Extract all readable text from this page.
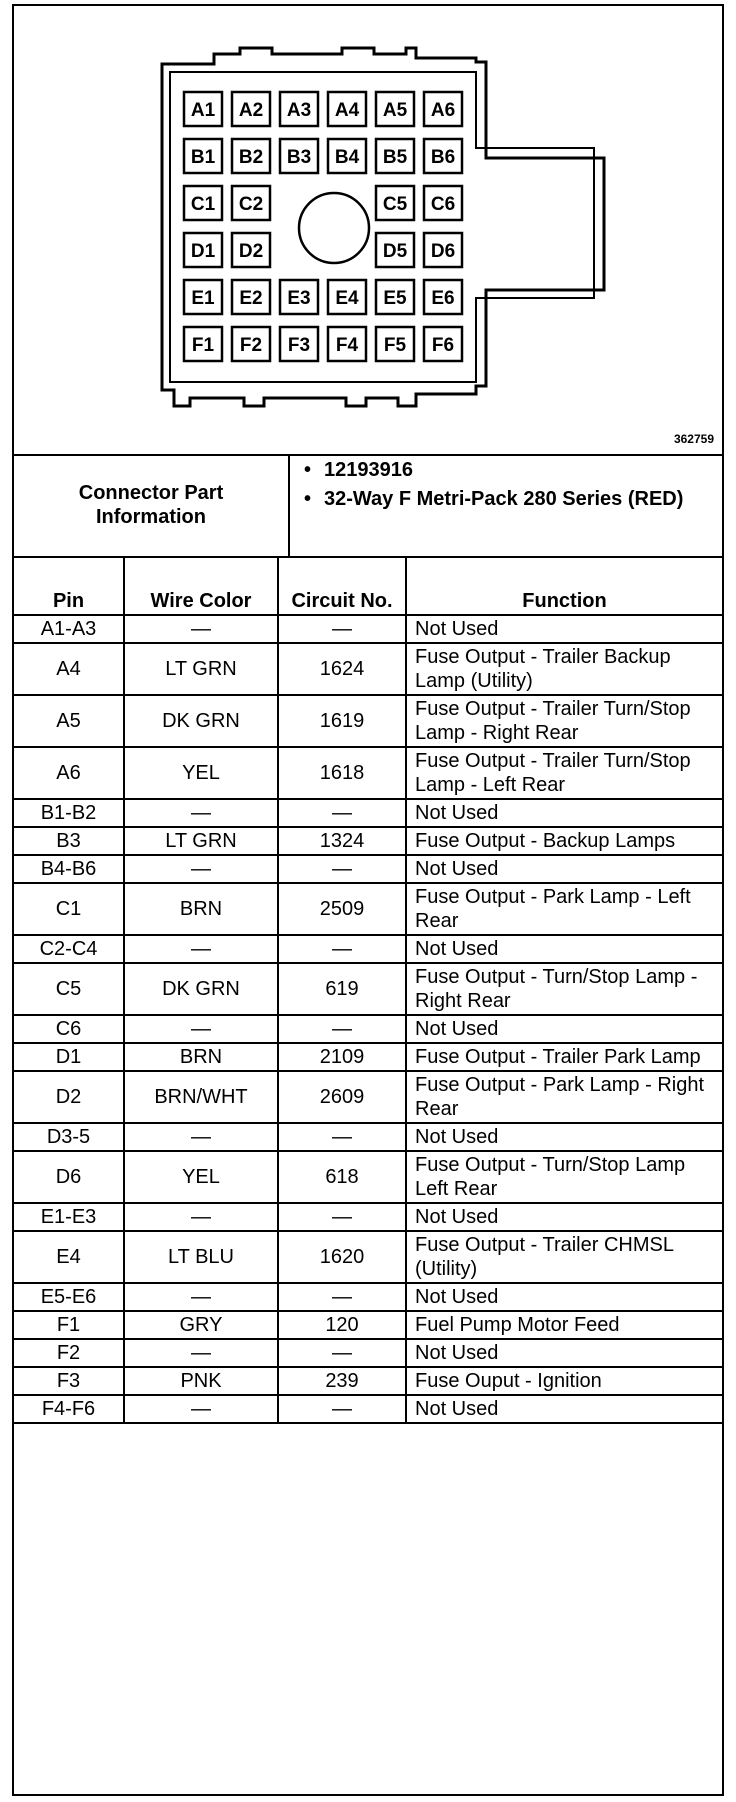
A1 A2 A3 A4 A5 A6
B1 B2 B3 B4 B5 B6
C1 C2	C5 C6
D1 D2	D5 D6
E1 E2 E3 E4 E5 E6
F1 F2 F3 F4 F5 F6
362759
Connector Part Information
• 12193916
• 32-Way F Metri-Pack 280 Series (RED)
Pin	Wire Color	Circuit No.	Function
A1-A3	—	—	Not Used
A4	LT GRN	1624	Fuse Output - Trailer Backup Lamp (Utility)
A5	DK GRN	1619	Fuse Output - Trailer Turn/Stop Lamp - Right Rear
A6	YEL	1618	Fuse Output - Trailer Turn/Stop Lamp - Left Rear
B1-B2	—	—	Not Used
B3	LT GRN	1324	Fuse Output - Backup Lamps
B4-B6	—	—	Not Used
C1	BRN	2509	Fuse Output - Park Lamp - Left Rear
C2-C4	—	—	Not Used
C5	DK GRN	619	Fuse Output - Turn/Stop Lamp - Right Rear
C6	—	—	Not Used
D1	BRN	2109	Fuse Output - Trailer Park Lamp
D2	BRN/WHT	2609	Fuse Output - Park Lamp - Right Rear
D3-5	—	—	Not Used
D6	YEL	618	Fuse Output - Turn/Stop Lamp Left Rear
E1-E3	—	—	Not Used
E4	LT BLU	1620	Fuse Output - Trailer CHMSL (Utility)
E5-E6	—	—	Not Used
F1	GRY	120	Fuel Pump Motor Feed
F2	—	—	Not Used
F3	PNK	239	Fuse Ouput - Ignition
F4-F6	—	—	Not Used
